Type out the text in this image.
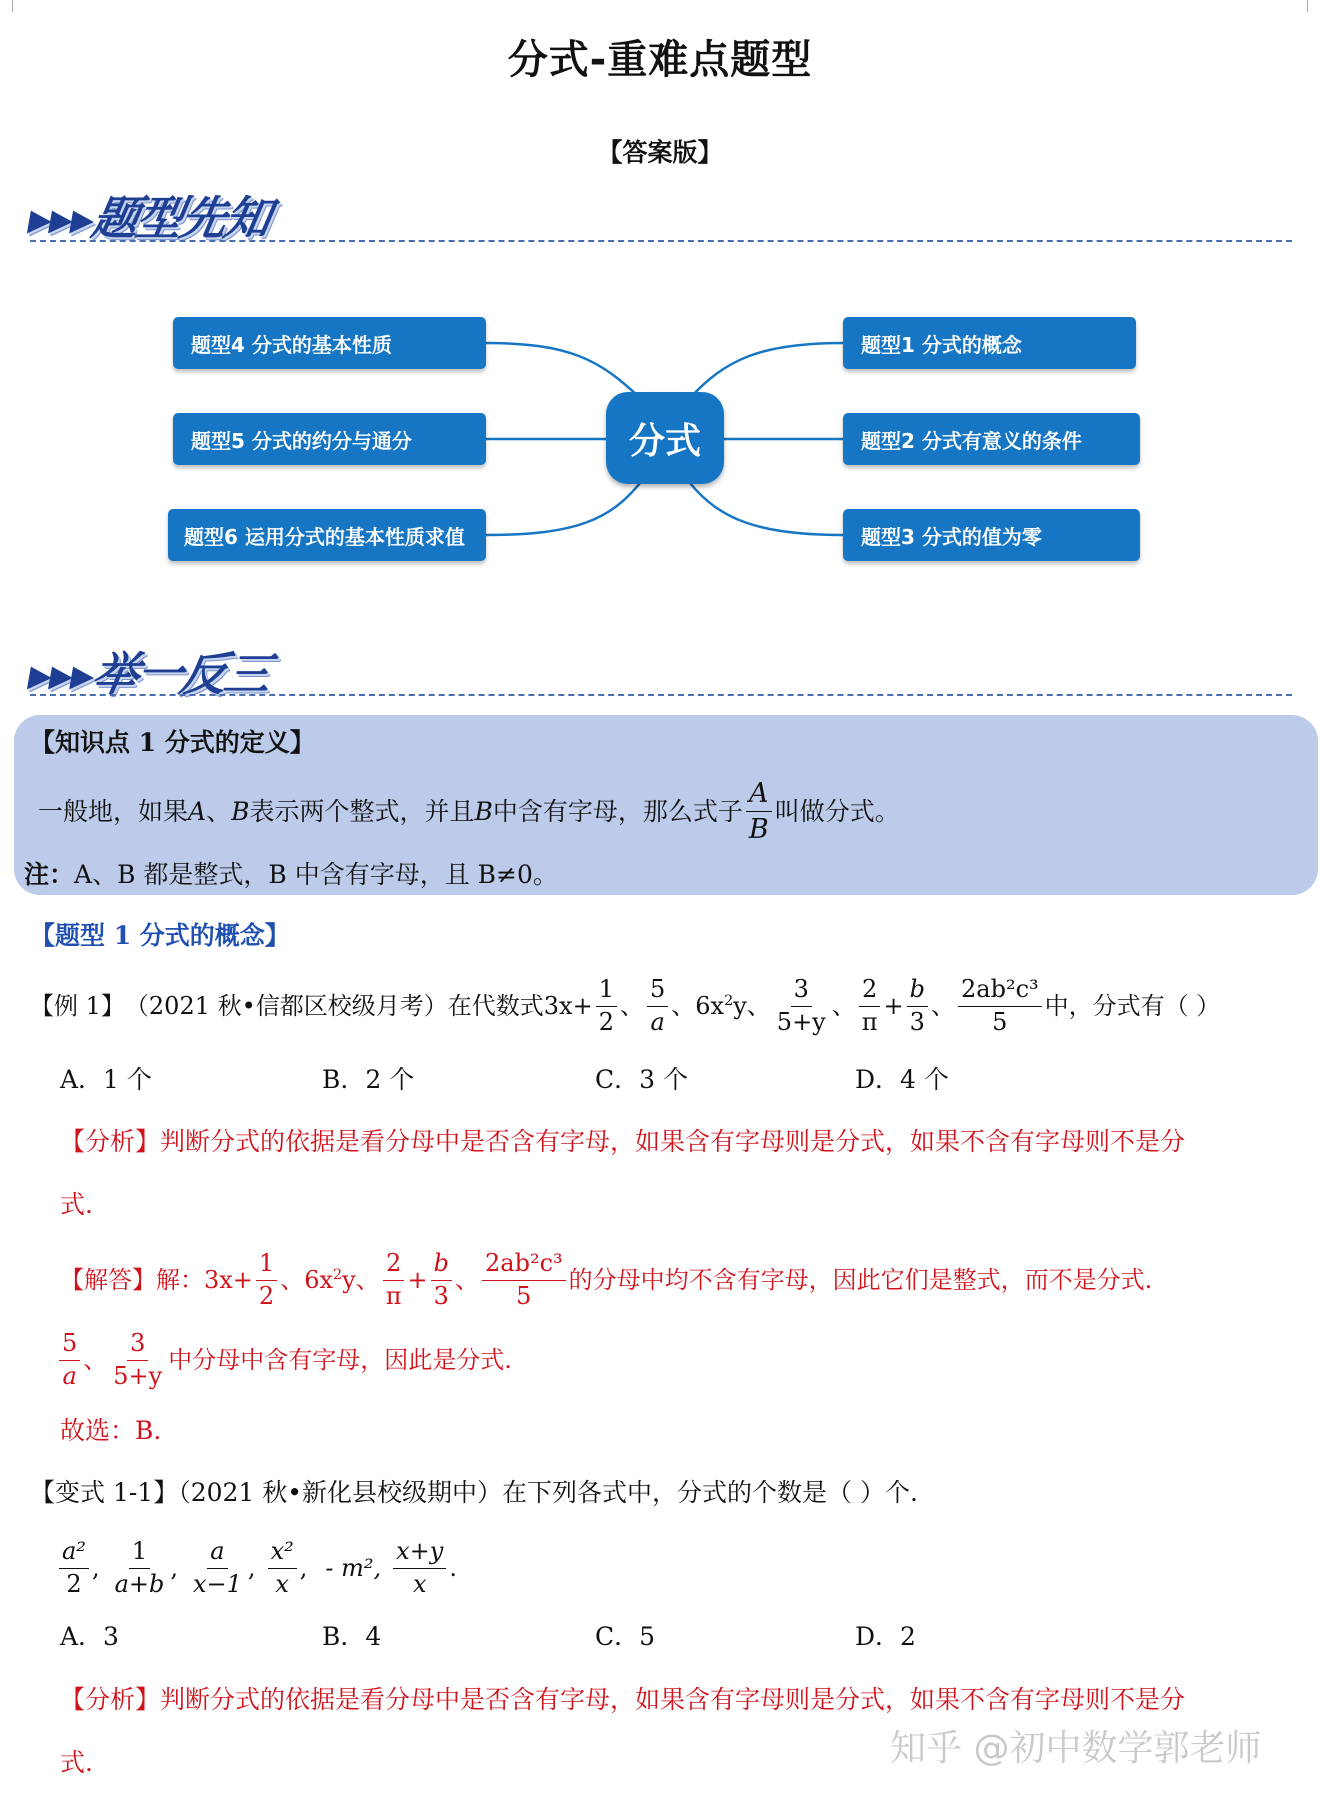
分式-重难点题型
【答案版】
▸▸▸题型先知
题型4 分式的基本性质
题型5 分式的约分与通分
题型6 运用分式的基本性质求值
分式
题型1 分式的概念
题型2 分式有意义的条件
题型3 分式的值为零
▸▸▸举一反三
【知识点 1 分式的定义】
一般地，如果 A 、 B 表示两个整式，并且 B 中含有字母，那么式子 $\frac{A}{B}$ 叫做分式。
注：A、B 都是整式，B 中含有字母，且 B≠0。
【题型 1 分式的概念】
【例 1】 （2021 秋•信都区校级月考）在代数式 $3x+ \frac{1}{2}$ 、 $\frac{5}{a}$ 、 $6x^2y$、 $\frac{3}{5+y}$ 、 $\frac{2}{\pi} + \frac{b}{3}$ 、 $\frac{\text{2ab²c³}}{5}$ 中，分式有（ ）
A．1 个	B．2 个	C．3 个	D．4 个
【分析】判断分式的依据是看分母中是否含有字母，如果含有字母则是分式，如果不含有字母则不是分
式.
【解答】 解： $3x+ \frac{1}{2}$ 、 $6x^2y$、 $\frac{2}{\pi} + \frac{b}{3}$ 、 $\frac{\text{2ab²c³}}{5}$ 的分母中均不含有字母，因此它们是整式，而不是分式.
$\frac{5}{a}$ 、 $\frac{3}{5+y}$ 中分母中含有字母，因此是分式.
故选：B.
【变式 1-1】（2021 秋•新化县校级期中）在下列各式中，分式的个数是（ ）个.
$\frac{\text{a²}}{2}$ , $\frac{1}{a+b}$ , $\frac{a}{x-1}$ , $\frac{\text{x²}}{x}$ , - m², $\frac{x+y}{x}$ .
A．3	B．4	C．5	D．2
【分析】判断分式的依据是看分母中是否含有字母，如果含有字母则是分式，如果不含有字母则不是分
式.	知乎 @初中数学郭老师
